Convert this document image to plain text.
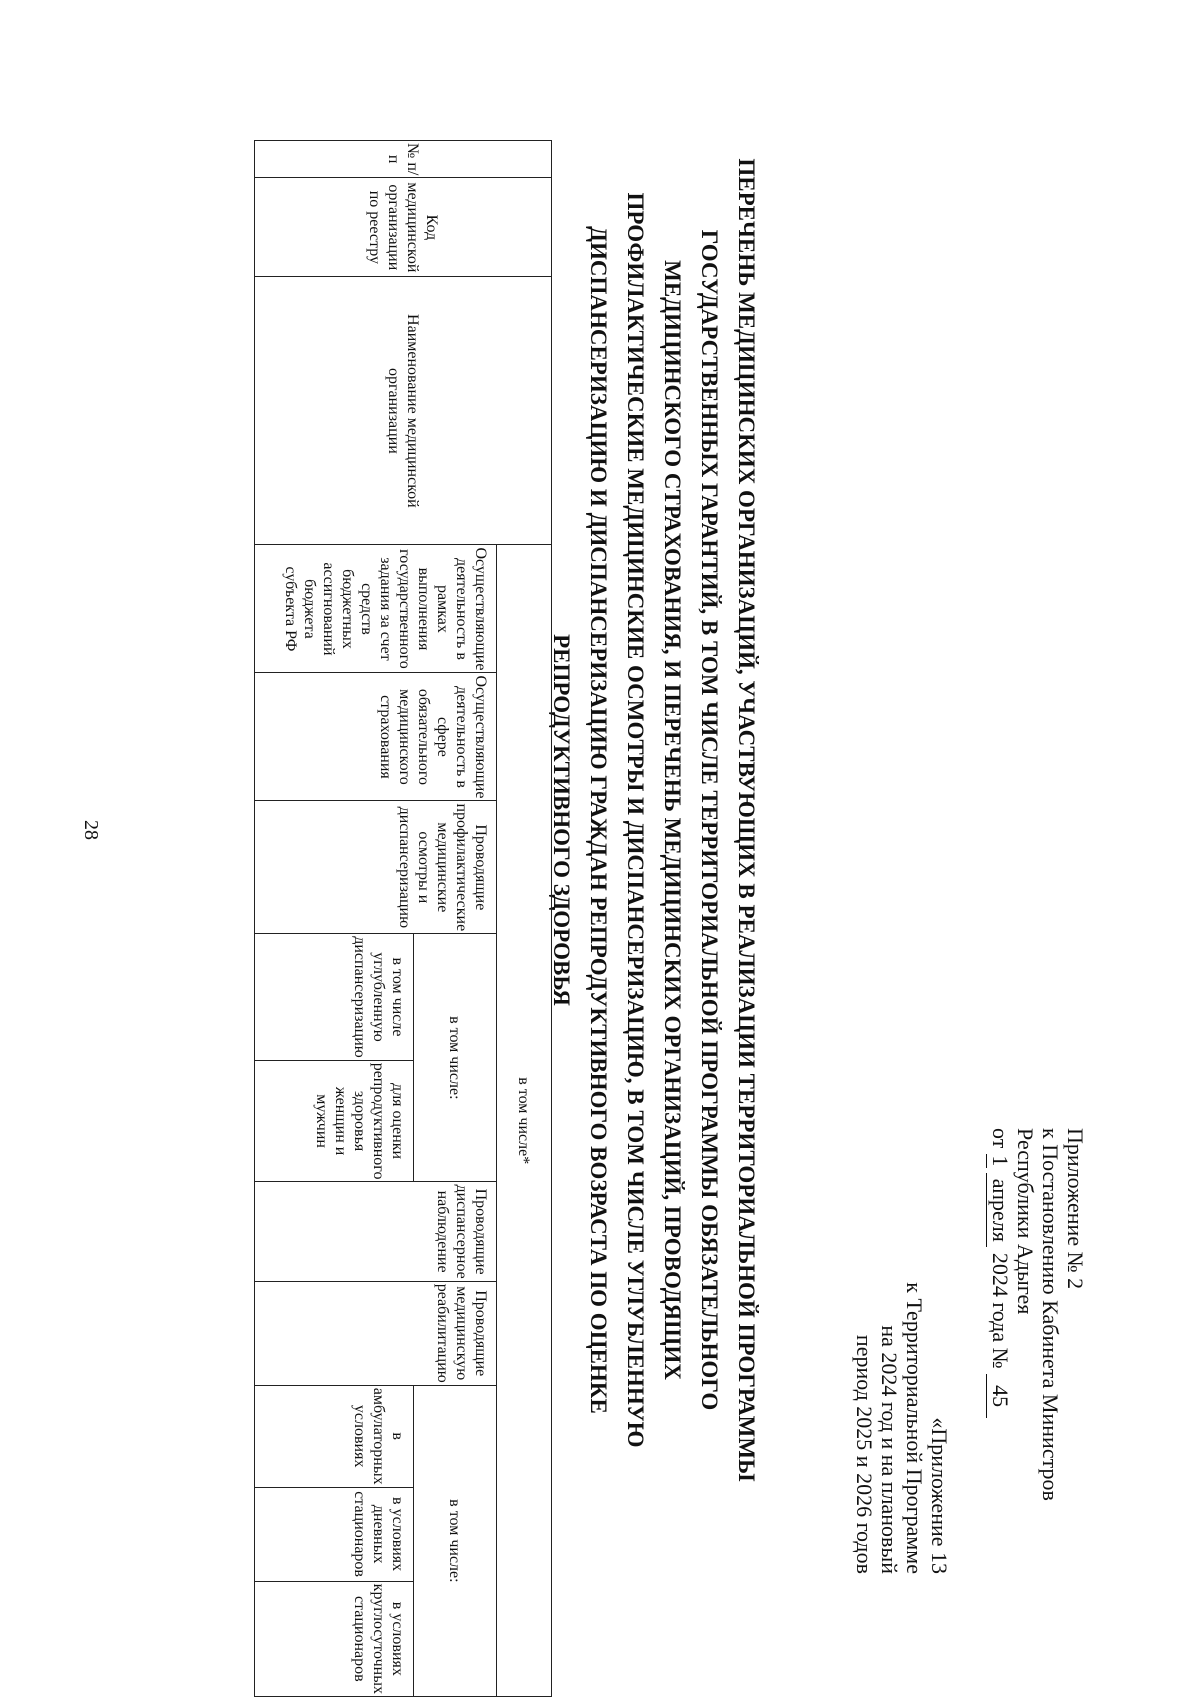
Приложение № 2
к Постановлению Кабинета Министров
Республики Адыгея
от 1 апреля 2024 года № 45
«Приложение 13
к Территориальной Программе
на 2024 год и на плановый
период 2025 и 2026 годов
ПЕРЕЧЕНЬ МЕДИЦИНСКИХ ОРГАНИЗАЦИЙ, УЧАСТВУЮЩИХ В РЕАЛИЗАЦИИ ТЕРРИТОРИАЛЬНОЙ ПРОГРАММЫ
ГОСУДАРСТВЕННЫХ ГАРАНТИЙ, В ТОМ ЧИСЛЕ ТЕРРИТОРИАЛЬНОЙ ПРОГРАММЫ ОБЯЗАТЕЛЬНОГО
МЕДИЦИНСКОГО СТРАХОВАНИЯ, И ПЕРЕЧЕНЬ МЕДИЦИНСКИХ ОРГАНИЗАЦИЙ, ПРОВОДЯЩИХ
ПРОФИЛАКТИЧЕСКИЕ МЕДИЦИНСКИЕ ОСМОТРЫ И ДИСПАНСЕРИЗАЦИЮ, В ТОМ ЧИСЛЕ УГЛУБЛЕННУЮ
ДИСПАНСЕРИЗАЦИЮ И ДИСПАНСЕРИЗАЦИЮ ГРАЖДАН РЕПРОДУКТИВНОГО ВОЗРАСТА ПО ОЦЕНКЕ
РЕПРОДУКТИВНОГО ЗДОРОВЬЯ
№ п/п	Код медицинской организации по реестру	Наименование медицинской организации	в том числе*									
			Осуществляющие деятельность в рамках выполнения государственного задания за счет средств бюджетных ассигнований бюджета субъекта РФ	Осуществляющие деятельность в сфере обязательного медицинского страхования	Проводящие профилактические медицинские осмотры и диспансеризацию	в том числе:		Проводящие диспансерное наблюдение	Проводящие медицинскую реабилитацию	в том числе:		
						в том числе углубленную диспансеризацию	для оценки репродуктивного здоровья женщин и мужчин			в амбулаторных условиях	в условиях дневных стационаров	в условиях круглосуточных стационаров
28
